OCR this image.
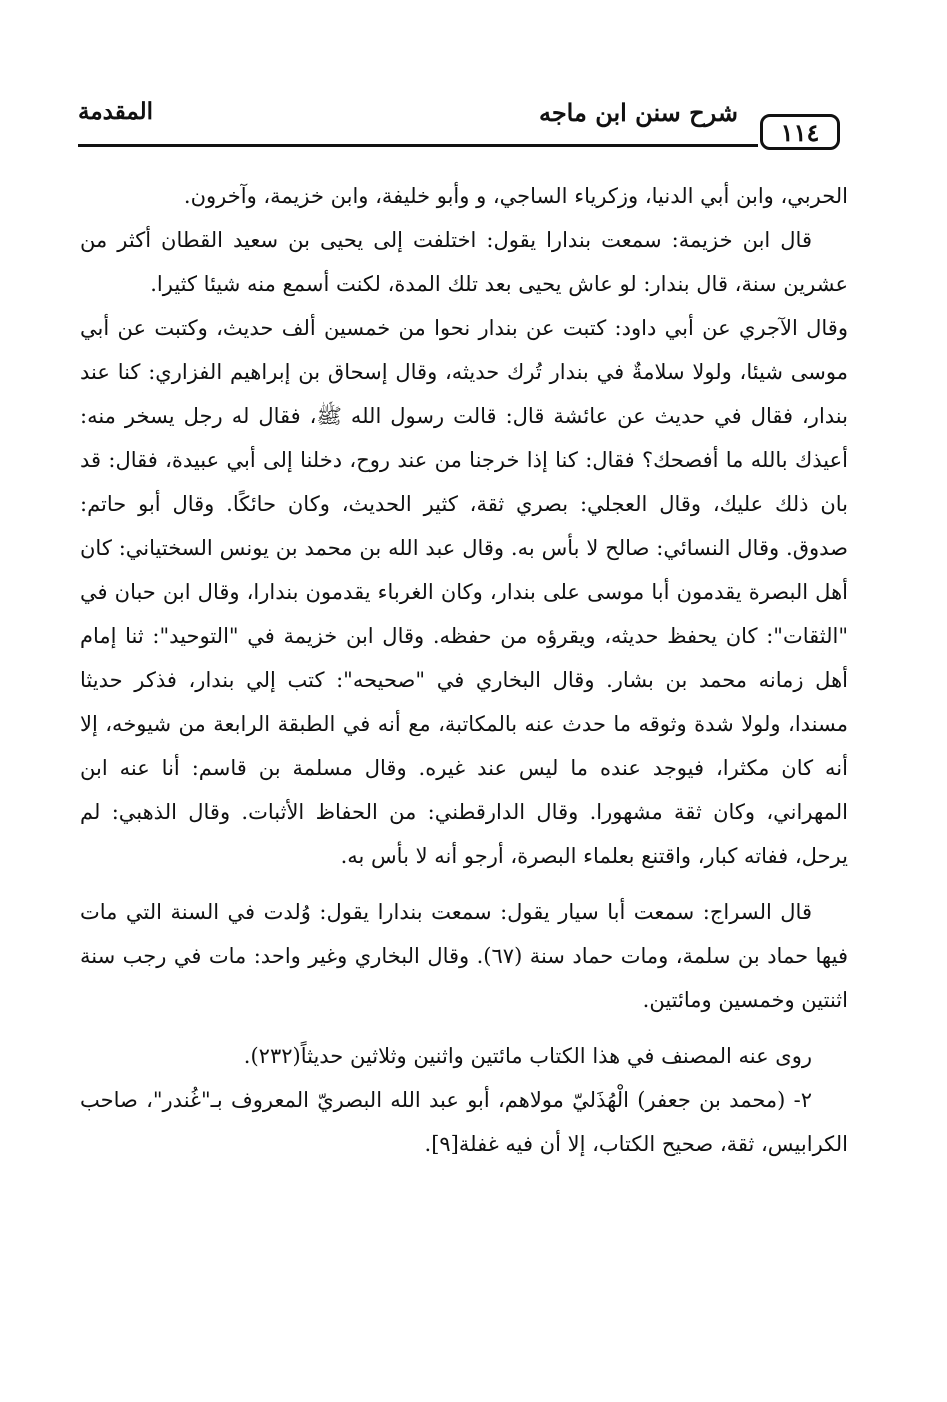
١١٤
شرح سنن ابن ماجه
المقدمة

الحربي، وابن أبي الدنيا، وزكرياء الساجي، و وأبو خليفة، وابن خزيمة، وآخرون.

قال ابن خزيمة: سمعت بندارا يقول: اختلفت إلى يحيى بن سعيد القطان أكثر من عشرين سنة، قال بندار: لو عاش يحيى بعد تلك المدة، لكنت أسمع منه شيئا كثيرا.

وقال الآجري عن أبي داود: كتبت عن بندار نحوا من خمسين ألف حديث، وكتبت عن أبي موسى شيئا، ولولا سلامةٌ في بندار تُرك حديثه، وقال إسحاق بن إبراهيم الفزاري: كنا عند بندار، فقال في حديث عن عائشة قال: قالت رسول الله ﷺ، فقال له رجل يسخر منه: أعيذك بالله ما أفصحك؟ فقال: كنا إذا خرجنا من عند روح، دخلنا إلى أبي عبيدة، فقال: قد بان ذلك عليك، وقال العجلي: بصري ثقة، كثير الحديث، وكان حائكًا. وقال أبو حاتم: صدوق. وقال النسائي: صالح لا بأس به. وقال عبد الله بن محمد بن يونس السختياني: كان أهل البصرة يقدمون أبا موسى على بندار، وكان الغرباء يقدمون بندارا، وقال ابن حبان في "الثقات": كان يحفظ حديثه، ويقرؤه من حفظه. وقال ابن خزيمة في "التوحيد": ثنا إمام أهل زمانه محمد بن بشار. وقال البخاري في "صحيحه": كتب إلي بندار، فذكر حديثا مسندا، ولولا شدة وثوقه ما حدث عنه بالمكاتبة، مع أنه في الطبقة الرابعة من شيوخه، إلا أنه كان مكثرا، فيوجد عنده ما ليس عند غيره. وقال مسلمة بن قاسم: أنا عنه ابن المهراني، وكان ثقة مشهورا. وقال الدارقطني: من الحفاظ الأثبات. وقال الذهبي: لم يرحل، ففاته كبار، واقتنع بعلماء البصرة، أرجو أنه لا بأس به.

قال السراج: سمعت أبا سيار يقول: سمعت بندارا يقول: وُلدت في السنة التي مات فيها حماد بن سلمة، ومات حماد سنة (٦٧). وقال البخاري وغير واحد: مات في رجب سنة اثنتين وخمسين ومائتين.

روى عنه المصنف في هذا الكتاب مائتين واثنين وثلاثين حديثاً(٢٣٢).

٢- (محمد بن جعفر) الْهُذَليّ مولاهم، أبو عبد الله البصريّ المعروف بـ"غُندر"، صاحب الكرابيس، ثقة، صحيح الكتاب، إلا أن فيه غفلة[٩].
